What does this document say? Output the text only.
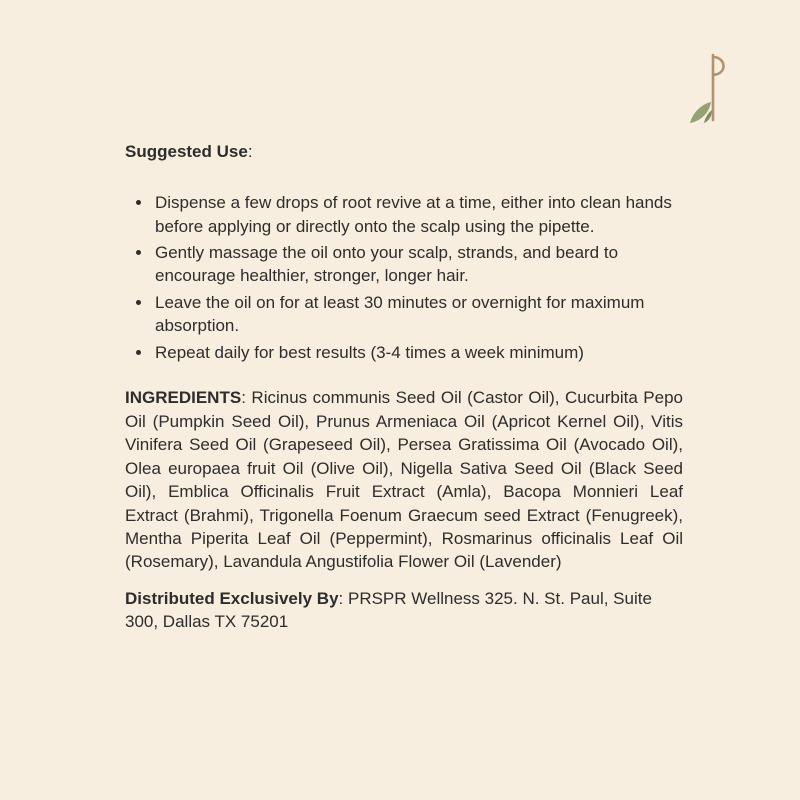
Suggested Use:

• Dispense a few drops of root revive at a time, either into clean hands before applying or directly onto the scalp using the pipette.
• Gently massage the oil onto your scalp, strands, and beard to encourage healthier, stronger, longer hair.
• Leave the oil on for at least 30 minutes or overnight for maximum absorption.
• Repeat daily for best results (3-4 times a week minimum)

INGREDIENTS: Ricinus communis Seed Oil (Castor Oil), Cucurbita Pepo Oil (Pumpkin Seed Oil), Prunus Armeniaca Oil (Apricot Kernel Oil), Vitis Vinifera Seed Oil (Grapeseed Oil), Persea Gratissima Oil (Avocado Oil), Olea europaea fruit Oil (Olive Oil), Nigella Sativa Seed Oil (Black Seed Oil), Emblica Officinalis Fruit Extract (Amla), Bacopa Monnieri Leaf Extract (Brahmi), Trigonella Foenum Graecum seed Extract (Fenugreek), Mentha Piperita Leaf Oil (Peppermint), Rosmarinus officinalis Leaf Oil (Rosemary), Lavandula Angustifolia Flower Oil (Lavender)

Distributed Exclusively By: PRSPR Wellness 325. N. St. Paul, Suite 300, Dallas TX 75201
